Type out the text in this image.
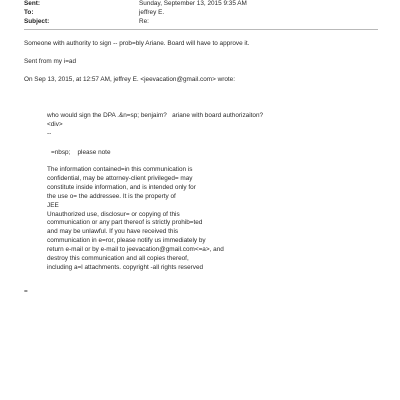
Sent:	Sunday, September 13, 2015 9:35 AM
To:	jeffrey E.
Subject:	Re:

Someone with authority to sign -- prob=bly Ariane. Board will have to approve it.

Sent from my i=ad

On Sep 13, 2015, at 12:57 AM, jeffrey E. <jeevacation@gmail.com> wrote:

who would sign the DPA .&n=sp; benjaim?   ariane with board authorizaiton?
<div>
--
=nbsp;    please note
The information contained=in this communication is
confidential, may be attorney-client privileged= may
constitute inside information, and is intended only for
the use o= the addressee. It is the property of
JEE
Unauthorized use, disclosur= or copying of this
communication or any part thereof is strictly prohib=ted
and may be unlawful. If you have received this
communication in e=ror, please notify us immediately by
return e-mail or by e-mail to jeevacation@gmail.com<=a>, and
destroy this communication and all copies thereof,
including a=l attachments. copyright -all rights reserved
=
